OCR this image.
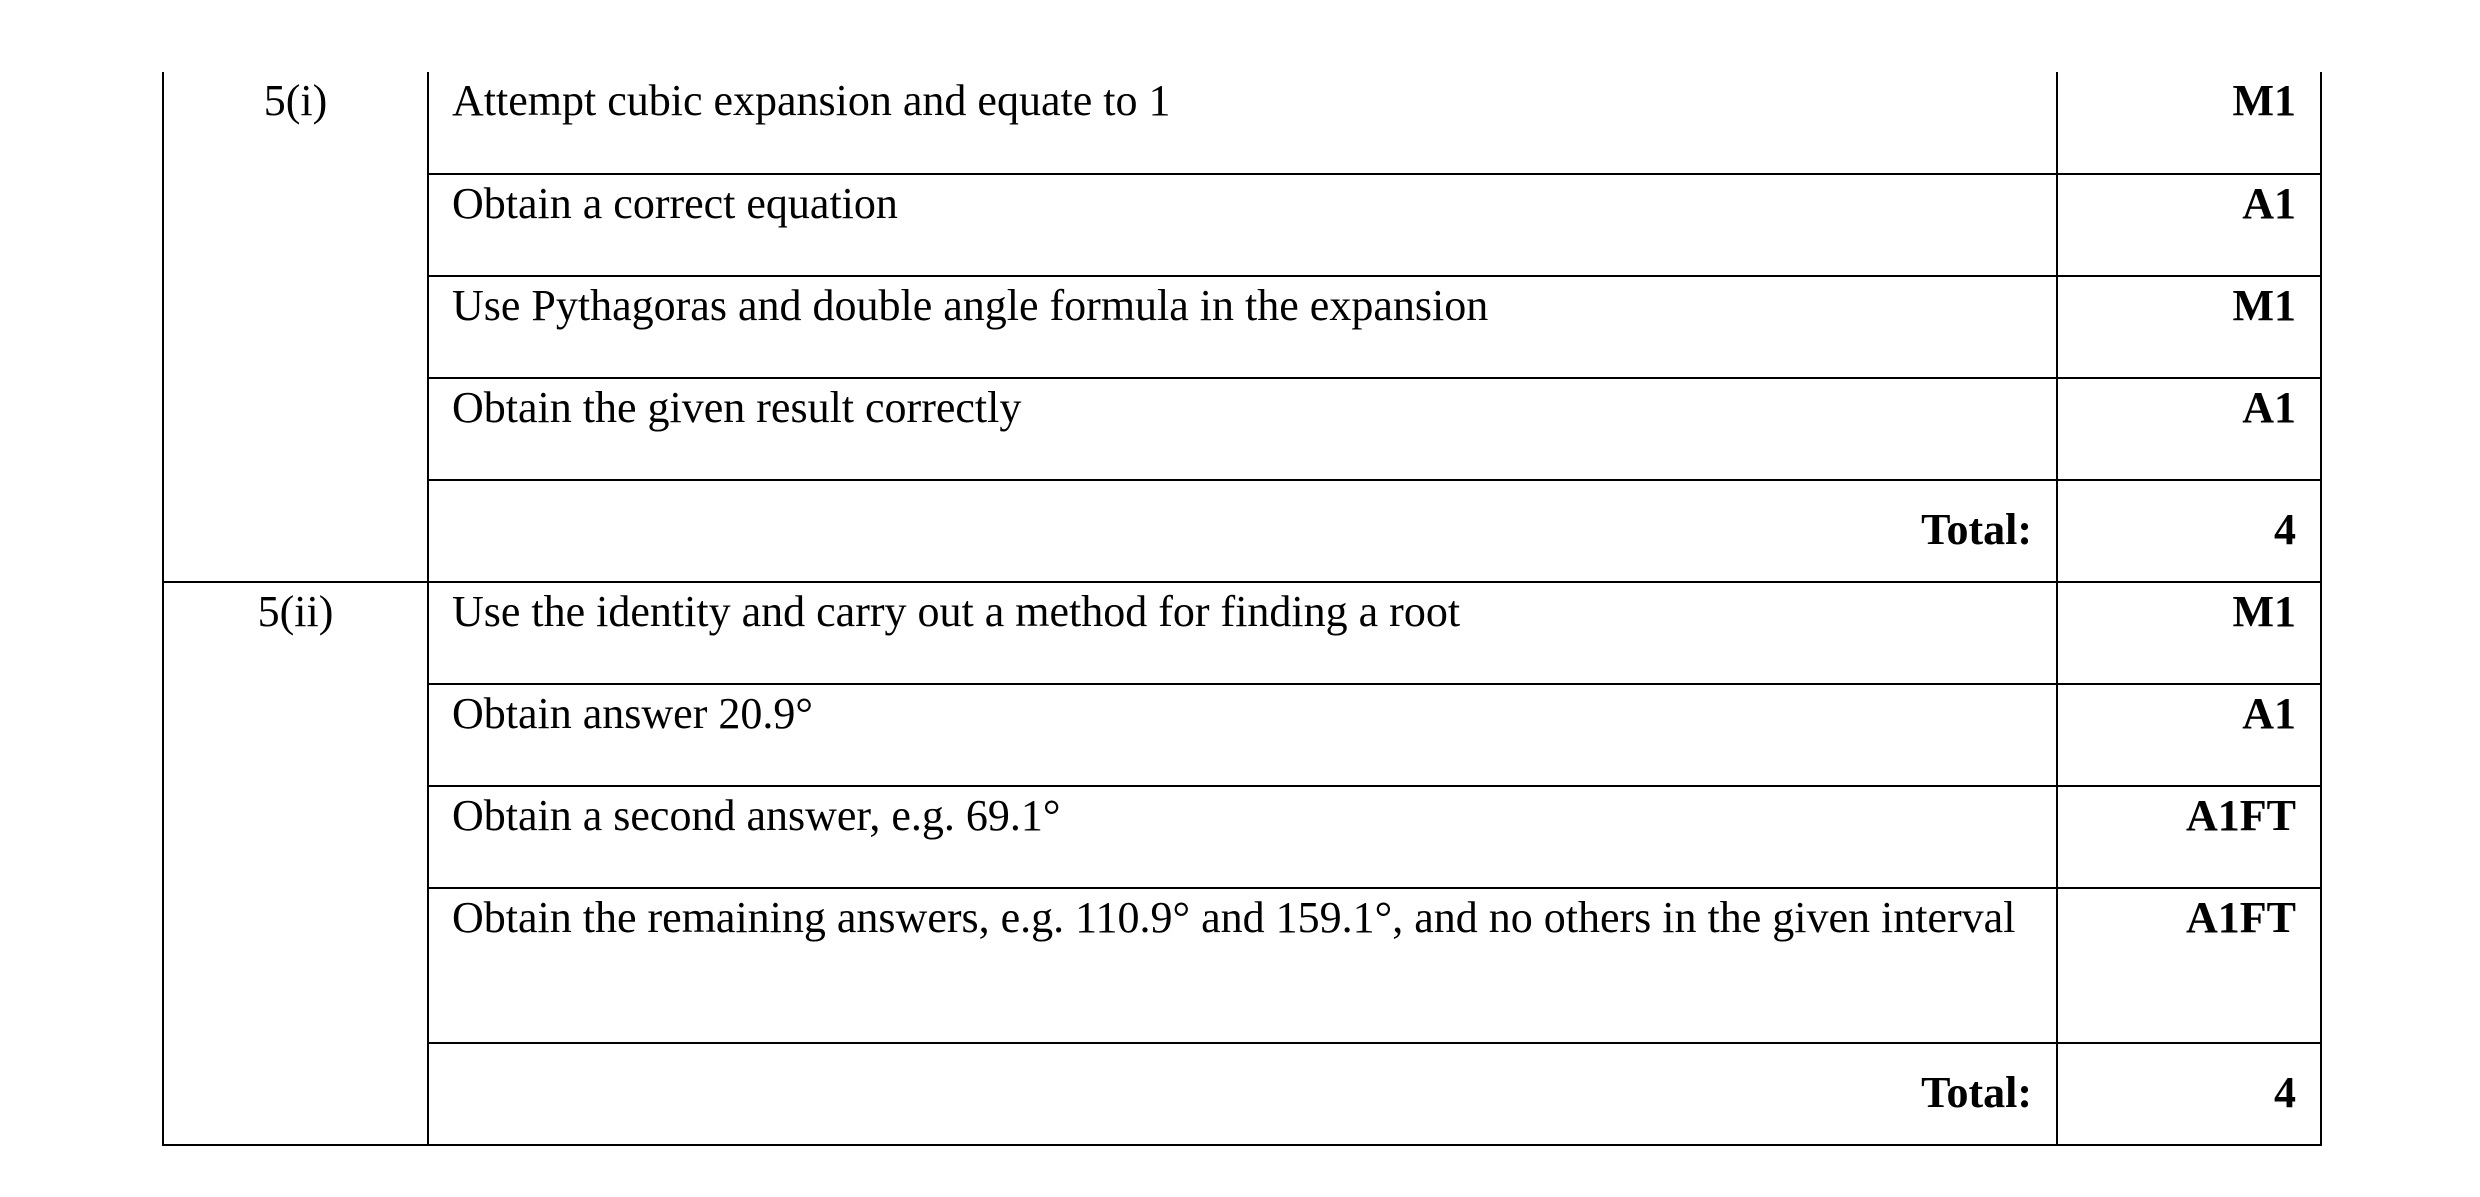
5(i)	Attempt cubic expansion and equate to 1	M1
	Obtain a correct equation	A1
	Use Pythagoras and double angle formula in the expansion	M1
	Obtain the given result correctly	A1
	Total:	4
5(ii)	Use the identity and carry out a method for finding a root	M1
	Obtain answer 20.9°	A1
	Obtain a second answer, e.g. 69.1°	A1FT
	Obtain the remaining answers, e.g. 110.9° and 159.1°, and no others in the given interval	A1FT
	Total:	4
